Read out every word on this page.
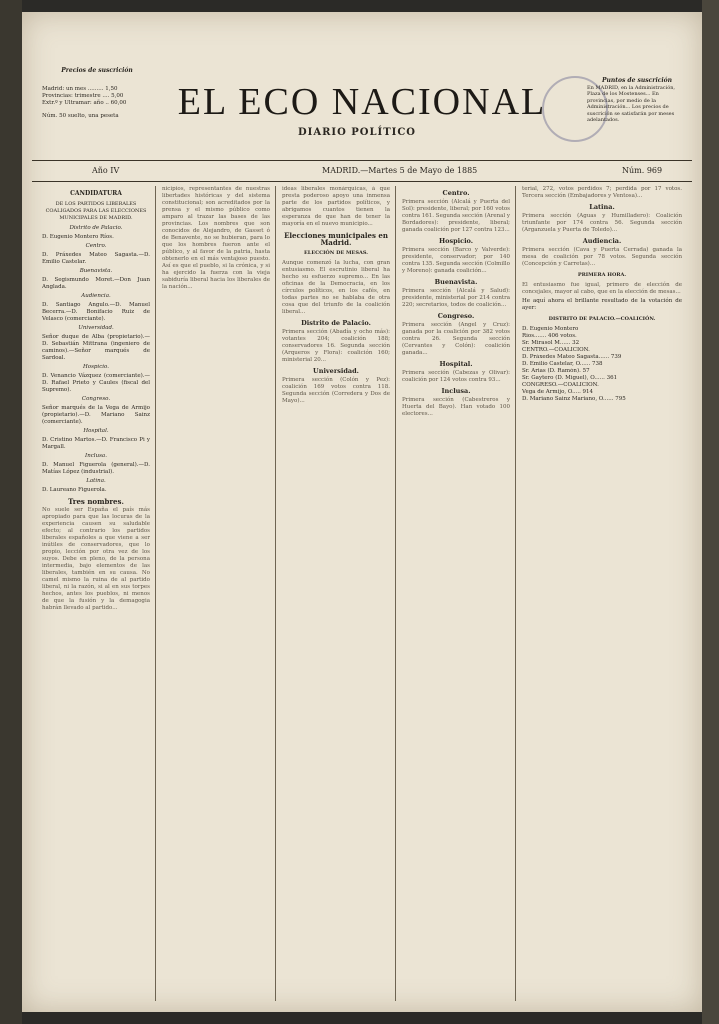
Precios de suscrición
Madrid: un mes ......... 1,50
Provincias: trimestre .... 5,00
Extr.º y Ultramar: año .. 60,00
Núm. 50 suelto, una peseta	EL ECO NACIONAL
DIARIO POLÍTICO
Puntos de suscrición
En MADRID, en la Administración, Plaza de los Mostenses... En provincias, por medio de la Administración... Los precios de suscrición se satisfarán por meses adelantados.
Año IV	MADRID.—Martes 5 de Mayo de 1885	Núm. 969
CANDIDATURA
DE LOS PARTIDOS LIBERALES COALIGADOS PARA LAS ELECCIONES MUNICIPALES DE MADRID.
Distrito de Palacio.

D. Eugenio Montero Ríos.

Centro.

D. Práxedes Mateo Sagasta.—D. Emilio Castelar.

Buenavista.

D. Segismundo Moret.—Don Juan Anglada.

Audiencia.

D. Santiago Angulo.—D. Manuel Becerra.—D. Bonifacio Ruiz de Velasco (comerciante).

Universidad.

Señor duque de Alba (propietario).—D. Sebastián Mittrana (ingeniero de caminos).—Señor marqués de Sardoal.

Hospicio.

D. Venancio Vázquez (comerciante).—D. Rafael Prieto y Caules (fiscal del Supremo).

Congreso.

Señor marqués de la Vega de Armijo (propietario).—D. Mariano Sainz (comerciante).

Hospital.

D. Cristino Martos.—D. Francisco Pi y Margall.

Inclusa.

D. Manuel Figuerola (general).—D. Matías López (industrial).

Latina.

D. Laureano Figuerola.

Tres nombres.

No suele ser España el país más apropiado para que las locuras de la experiencia causen su saludable efecto; al contrario los partidos liberales españoles a que viene a ser inútiles de conservadores, que lo propio, lección por otra vez de los suyos. Debe en pleno, de la persona intermedia, bajo elementos de las liberales, también en su causa. No camel mismo la ruina de al partido liberal, ni la razón, si al en sus torpes hechos, antes los pueblos, ni menos de que la fusión y la demagogia habrán llevado al partido...

nicipios, representantes de nuestras libertades históricas y del sistema constitucional; son acreditados por la prensa y el mismo público como amparo al trazar las bases de las provincias. Los nombres que son conocidos de Alejandro, de Gasset ó de Benavente, no se hubieran, para lo que los hombres fueron ante el público, y al favor de la patria, hasta obtenerlo en el más ventajoso puesto. Así es que el pueblo, si la crónica, y si ha ejercido la fuerza con la vieja sabiduría liberal hacia los liberales de la nación...

ideas liberales monárquicas, á que presta poderoso apoyo una inmensa parte de los partidos políticos, y abrigamos cuantos tienen la esperanza de que han de tener la mayoría en el nuevo municipio...

Elecciones municipales en Madrid.
ELECCIÓN DE MESAS.

Aunque comenzó la lucha, con gran entusiasmo. El escrutinio liberal ha hecho su esfuerzo supremo... En las oficinas de la Democracia, en los círculos políticos, en los cafés, en todas partes no se hablaba de otra cosa que del triunfo de la coalición liberal...

Distrito de Palacio.

Primera sección (Abadía y ocho más): votantes 204; coalición 188; conservadores 16. Segunda sección (Arqueros y Flora): coalición 160; ministerial 20...

Universidad.

Primera sección (Colón y Pez): coalición 169 votos contra 118. Segunda sección (Corredera y Dos de Mayo)...

Centro.

Primera sección (Alcalá y Puerta del Sol): presidente, liberal; por 160 votos contra 161. Segunda sección (Arenal y Bordadores): presidente, liberal; ganada coalición por 127 contra 123...

Hospicio.

Primera sección (Barco y Valverde): presidente, conservador; por 140 contra 135. Segunda sección (Colmillo y Moreno): ganada coalición...

Buenavista.

Primera sección (Alcalá y Salud): presidente, ministerial por 214 contra 220; secretarios, todos de coalición...

Congreso.

Primera sección (Angel y Cruz): ganada por la coalición por 382 votos contra 26. Segunda sección (Cervantes y Colón): coalición ganada...

Hospital.

Primera sección (Cabezas y Olivar): coalición por 124 votos contra 93...

Inclusa.

Primera sección (Cabestreros y Huerta del Bayo). Han votado 100 electores...

terial, 272, votos perdidos 7; perdida por 17 votos. Tercera sección (Embajadores y Ventosa)...

Latina.

Primera sección (Aguas y Humilladero): Coalición triunfante por 174 contra 56. Segunda sección (Arganzuela y Puerta de Toledo)...

Audiencia.

Primera sección (Cava y Puerta Cerrada) ganada la mesa de coalición por 78 votos. Segunda sección (Concepción y Carretas)...

PRIMERA HORA.

El entusiasmo fue igual, primero de elección de concejales, mayor al cabo, que en la elección de mesas...

He aquí ahora el brillante resultado de la votación de ayer:

DISTRITO DE PALACIO.—COALICIÓN.
D. Eugenio Montero
Ríos....... 406 votos.
Sr. Mirasol M...... 32
CENTRO.—COALICIÓN.
D. Práxedes Mateo Sagasta...... 739
D. Emilio Castelar, O...... 738
Sr. Arias (D. Ramón). 57
Sr. Gaytero (D. Miguel), O...... 361
CONGRESO.—COALICIÓN.
Vega de Armijo, O..... 914
D. Mariano Sainz Mariano, O...... 795
